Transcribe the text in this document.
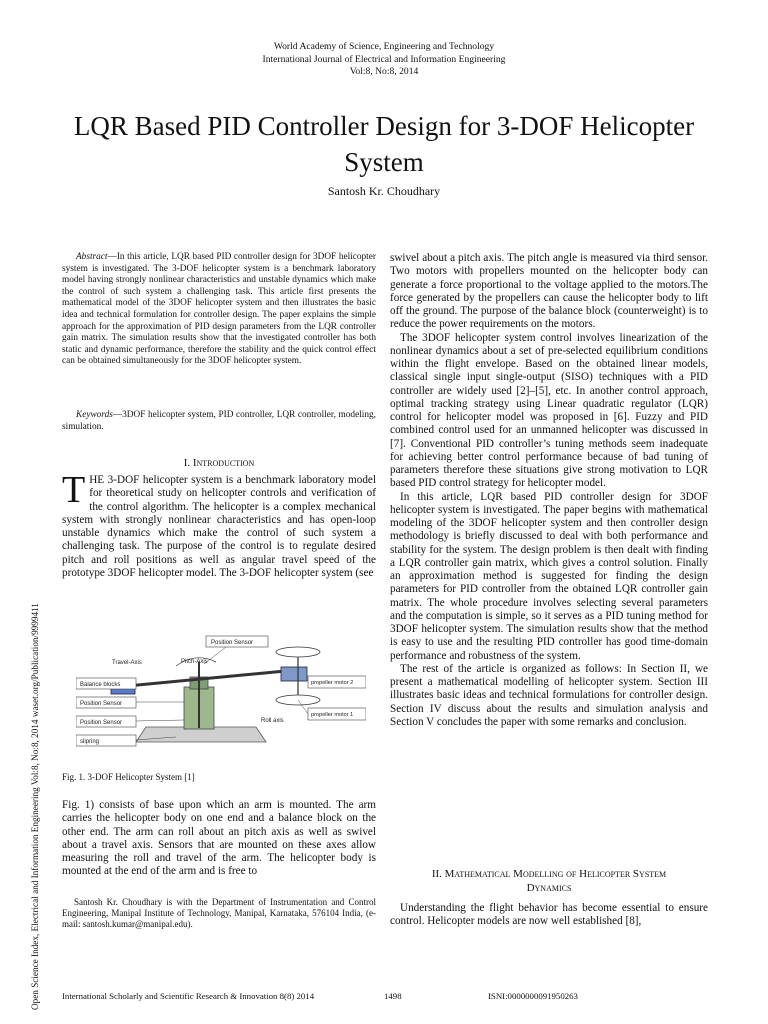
World Academy of Science, Engineering and Technology
International Journal of Electrical and Information Engineering
Vol:8, No:8, 2014
LQR Based PID Controller Design for 3-DOF Helicopter System
Santosh Kr. Choudhary
Open Science Index, Electrical and Information Engineering Vol:8, No:8, 2014 waset.org/Publication/9999411

Abstract—In this article, LQR based PID controller design for 3DOF helicopter system is investigated. The 3-DOF helicopter system is a benchmark laboratory model having strongly nonlinear characteristics and unstable dynamics which make the control of such system a challenging task. This article first presents the mathematical model of the 3DOF helicopter system and then illustrates the basic idea and technical formulation for controller design. The paper explains the simple approach for the approximation of PID design parameters from the LQR controller gain matrix. The simulation results show that the investigated controller has both static and dynamic performance, therefore the stability and the quick control effect can be obtained simultaneously for the 3DOF helicopter system.

Keywords—3DOF helicopter system, PID controller, LQR controller, modeling, simulation.

I. Introduction

THE 3-DOF helicopter system is a benchmark laboratory model for theoretical study on helicopter controls and verification of the control algorithm. The helicopter is a complex mechanical system with strongly nonlinear characteristics and has open-loop unstable dynamics which make the control of such system a challenging task. The purpose of the control is to regulate desired pitch and roll positions as well as angular travel speed of the prototype 3DOF helicopter model. The 3-DOF helicopter system (see

Position Sensor
Travel-Axis	Pitch-Axis
Balance blocks
Position Sensor
Position Sensor
slipring
Roll axis
propeller motor 2
propeller motor 1
Fig. 1. 3-DOF Helicopter System [1]

Fig. 1) consists of base upon which an arm is mounted. The arm carries the helicopter body on one end and a balance block on the other end. The arm can roll about an pitch axis as well as swivel about a travel axis. Sensors that are mounted on these axes allow measuring the roll and travel of the arm. The helicopter body is mounted at the end of the arm and is free to

Santosh Kr. Choudhary is with the Department of Instrumentation and Control Engineering, Manipal Institute of Technology, Manipal, Karnataka, 576104 India, (e-mail: santosh.kumar@manipal.edu).

swivel about a pitch axis. The pitch angle is measured via third sensor. Two motors with propellers mounted on the helicopter body can generate a force proportional to the voltage applied to the motors.The force generated by the propellers can cause the helicopter body to lift off the ground. The purpose of the balance block (counterweight) is to reduce the power requirements on the motors.

The 3DOF helicopter system control involves linearization of the nonlinear dynamics about a set of pre-selected equilibrium conditions within the flight envelope. Based on the obtained linear models, classical single input single-output (SISO) techniques with a PID controller are widely used [2]–[5], etc. In another control approach, optimal tracking strategy using Linear quadratic regulator (LQR) control for helicopter model was proposed in [6]. Fuzzy and PID combined control used for an unmanned helicopter was discussed in [7]. Conventional PID controller’s tuning methods seem inadequate for achieving better control performance because of bad tuning of parameters therefore these situations give strong motivation to LQR based PID control strategy for helicopter model.

In this article, LQR based PID controller design for 3DOF helicopter system is investigated. The paper begins with mathematical modeling of the 3DOF helicopter system and then controller design methodology is briefly discussed to deal with both performance and stability for the system. The design problem is then dealt with finding a LQR controller gain matrix, which gives a control solution. Finally an approximation method is suggested for finding the design parameters for PID controller from the obtained LQR controller gain matrix. The whole procedure involves selecting several parameters and the computation is simple, so it serves as a PID tuning method for 3DOF helicopter system. The simulation results show that the method is easy to use and the resulting PID controller has good time-domain performance and robustness of the system.

The rest of the article is organized as follows: In Section II, we present a mathematical modelling of helicopter system. Section III illustrates basic ideas and technical formulations for controller design. Section IV discuss about the results and simulation analysis and Section V concludes the paper with some remarks and conclusion.

II. Mathematical Modelling of Helicopter System
Dynamics

Understanding the flight behavior has become essential to ensure control. Helicopter models are now well established [8],

International Scholarly and Scientific Research & Innovation 8(8) 2014	1498	ISNI:0000000091950263
